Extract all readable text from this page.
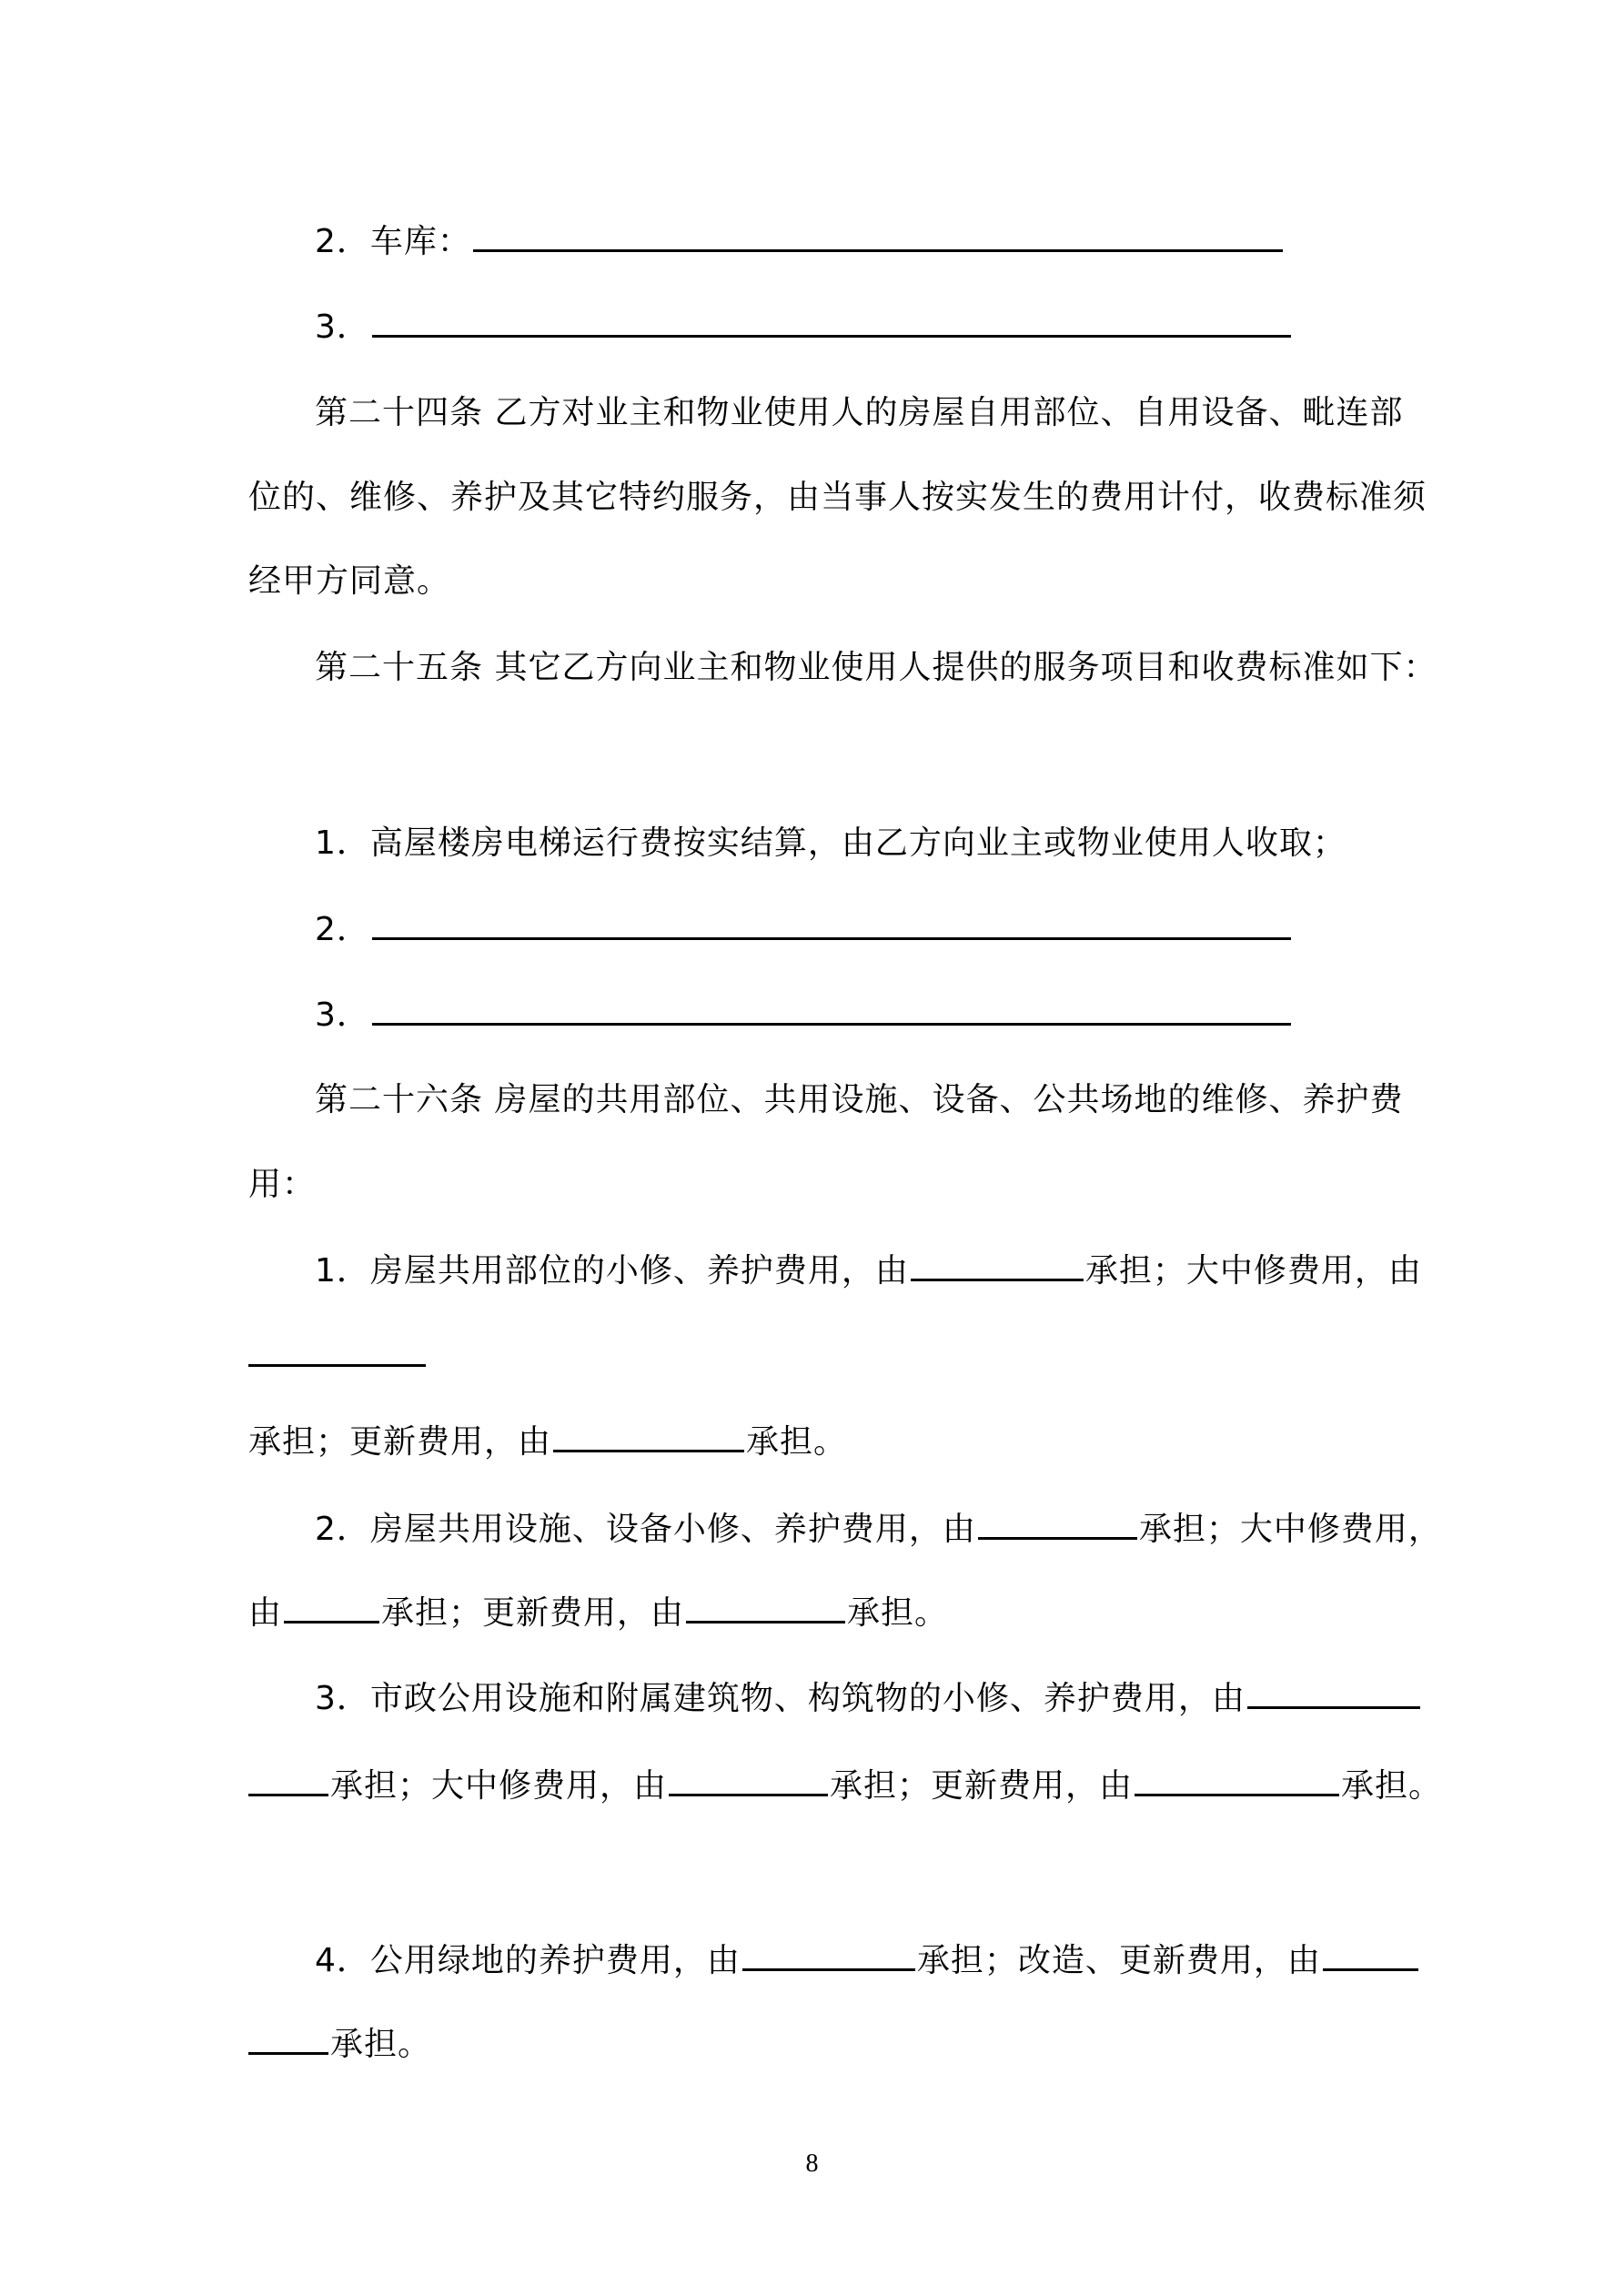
2．车库：
3．
第二十四条 乙方对业主和物业使用人的房屋自用部位、自用设备、毗连部
位的、维修、养护及其它特约服务，由当事人按实发生的费用计付，收费标准须
经甲方同意。
第二十五条 其它乙方向业主和物业使用人提供的服务项目和收费标准如下：
1．高屋楼房电梯运行费按实结算，由乙方向业主或物业使用人收取；
2．
3．
第二十六条 房屋的共用部位、共用设施、设备、公共场地的维修、养护费
用：
1．房屋共用部位的小修、养护费用，由	承担；大中修费用，由
承担；更新费用，由	承担。
2．房屋共用设施、设备小修、养护费用，由	承担；大中修费用，
由	承担；更新费用，由	承担。
3．市政公用设施和附属建筑物、构筑物的小修、养护费用，由
承担；大中修费用，由	承担；更新费用，由	承担。
4．公用绿地的养护费用，由	承担；改造、更新费用，由
承担。
8
